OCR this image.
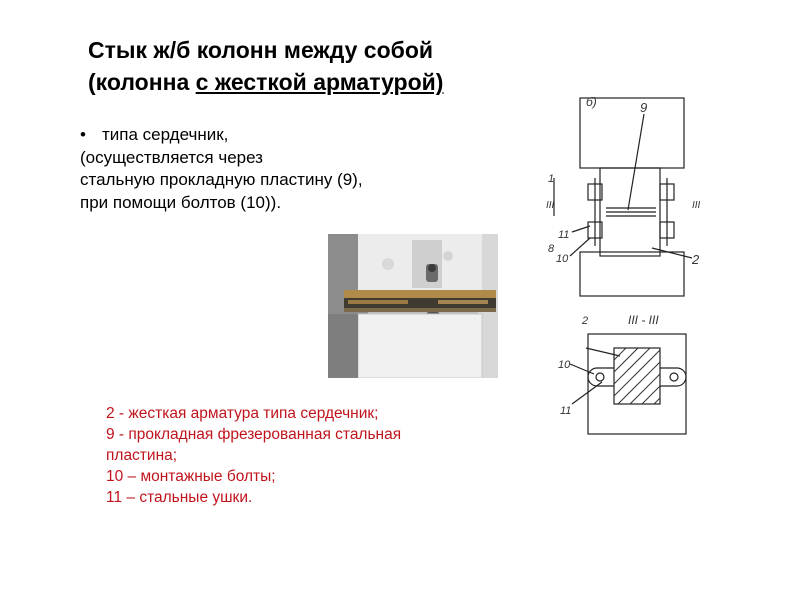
Стык ж/б колонн между собой
(колонна с жесткой арматурой)
• типа сердечник,
(осуществляется через
стальную прокладную пластину (9),
при помощи болтов (10)).
б)	9
2
11
10
III	III
8
1
2	III - III
10
11
2 - жесткая арматура типа сердечник;
9 - прокладная фрезерованная стальная
пластина;
10 – монтажные болты;
11 – стальные ушки.
